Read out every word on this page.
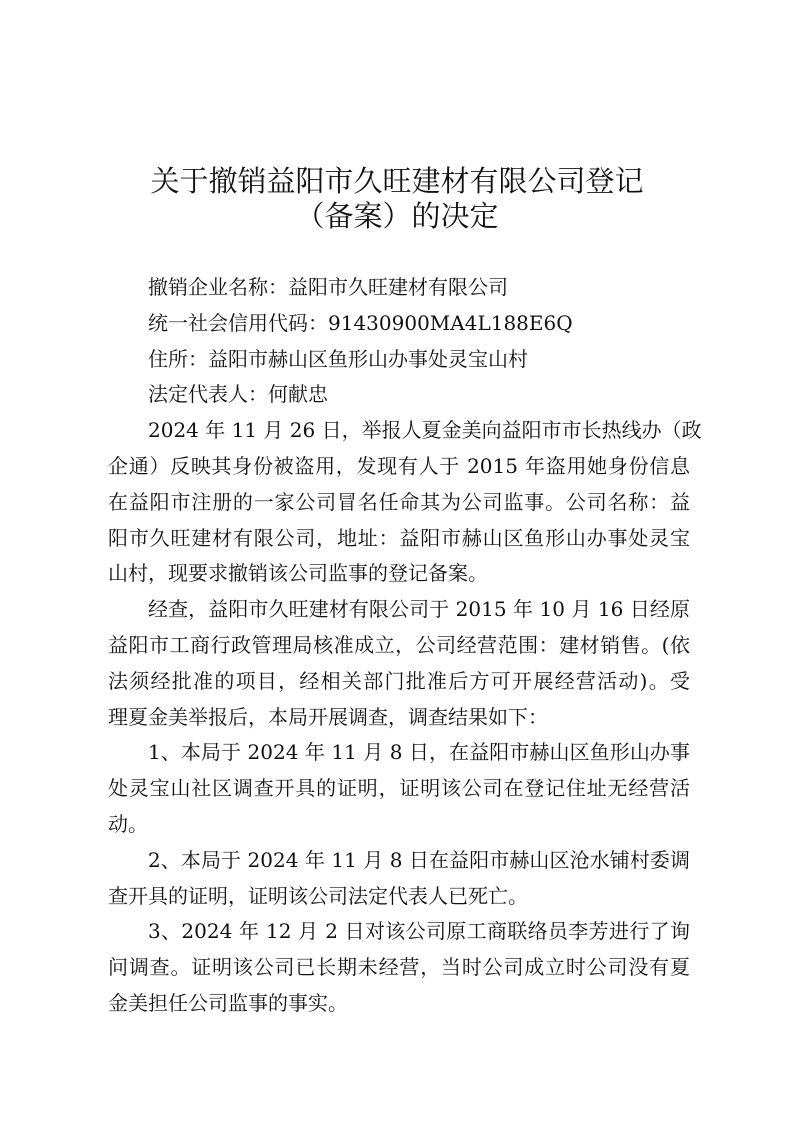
关于撤销益阳市久旺建材有限公司登记
（备案）的决定
撤销企业名称：益阳市久旺建材有限公司
统一社会信用代码：91430900MA4L188E6Q
住所：益阳市赫山区鱼形山办事处灵宝山村
法定代表人：何献忠
2024 年 11 月 26 日，举报人夏金美向益阳市市长热线办（政
企通）反映其身份被盗用，发现有人于 2015 年盗用她身份信息
在益阳市注册的一家公司冒名任命其为公司监事。公司名称：益
阳市久旺建材有限公司，地址：益阳市赫山区鱼形山办事处灵宝
山村，现要求撤销该公司监事的登记备案。
经查，益阳市久旺建材有限公司于 2015 年 10 月 16 日经原
益阳市工商行政管理局核准成立，公司经营范围：建材销售。(依
法须经批准的项目，经相关部门批准后方可开展经营活动)。受
理夏金美举报后，本局开展调查，调查结果如下：
1、本局于 2024 年 11 月 8 日，在益阳市赫山区鱼形山办事
处灵宝山社区调查开具的证明，证明该公司在登记住址无经营活
动。
2、本局于 2024 年 11 月 8 日在益阳市赫山区沧水铺村委调
查开具的证明，证明该公司法定代表人已死亡。
3、2024 年 12 月 2 日对该公司原工商联络员李芳进行了询
问调查。证明该公司已长期未经营，当时公司成立时公司没有夏
金美担任公司监事的事实。
